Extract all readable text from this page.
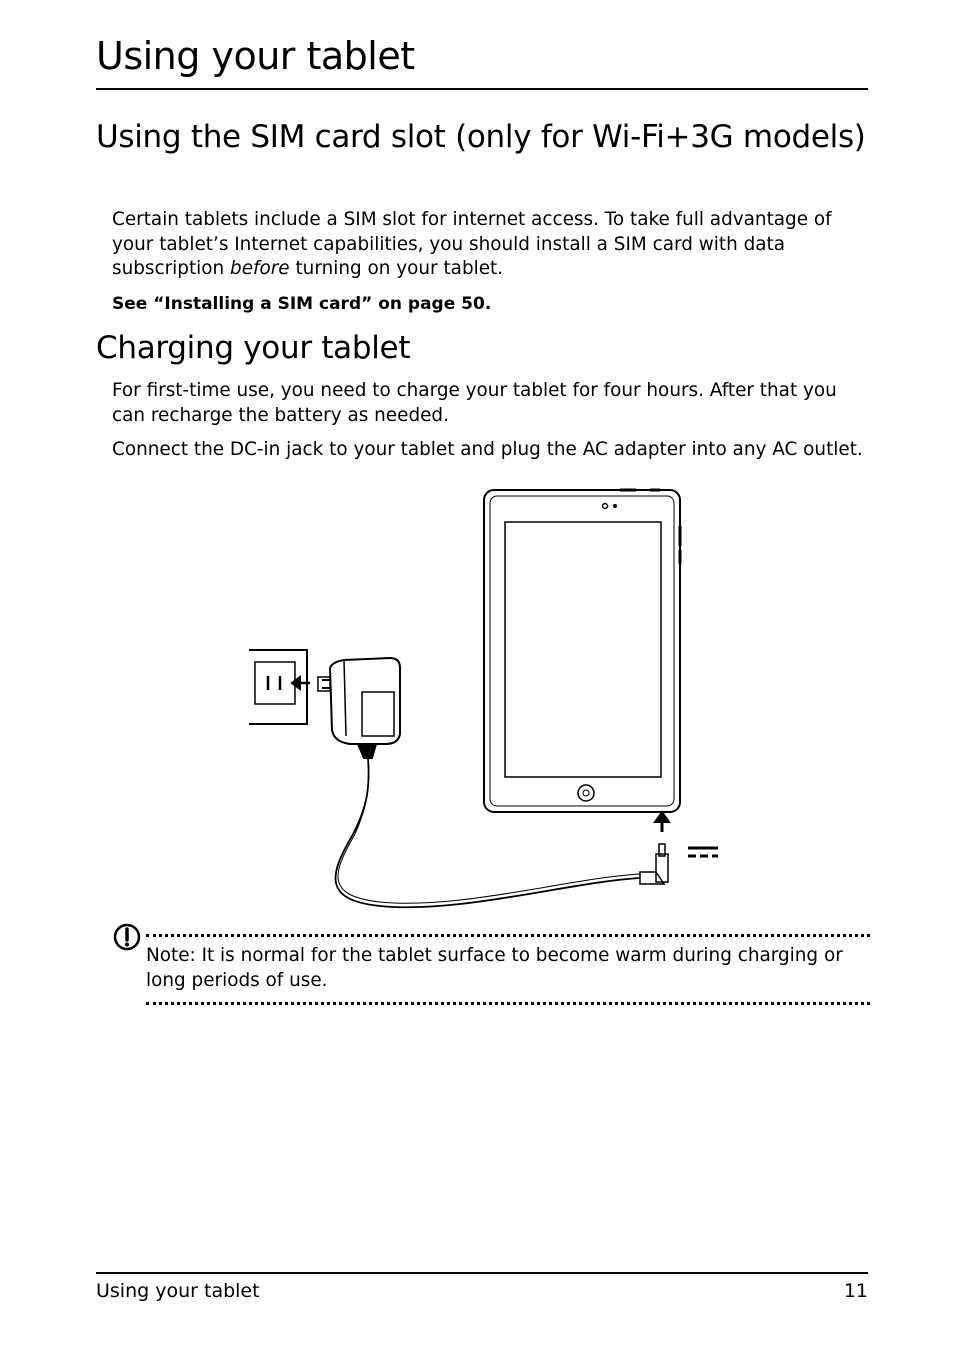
Using your tablet
Using the SIM card slot (only for Wi-Fi+3G models)
Certain tablets include a SIM slot for internet access. To take full advantage of your tablet’s Internet capabilities, you should install a SIM card with data subscription before turning on your tablet.
See “Installing a SIM card” on page 50.
Charging your tablet
For first-time use, you need to charge your tablet for four hours. After that you can recharge the battery as needed.
Connect the DC-in jack to your tablet and plug the AC adapter into any AC outlet.
Note: It is normal for the tablet surface to become warm during charging or long periods of use.
Using your tablet	11
